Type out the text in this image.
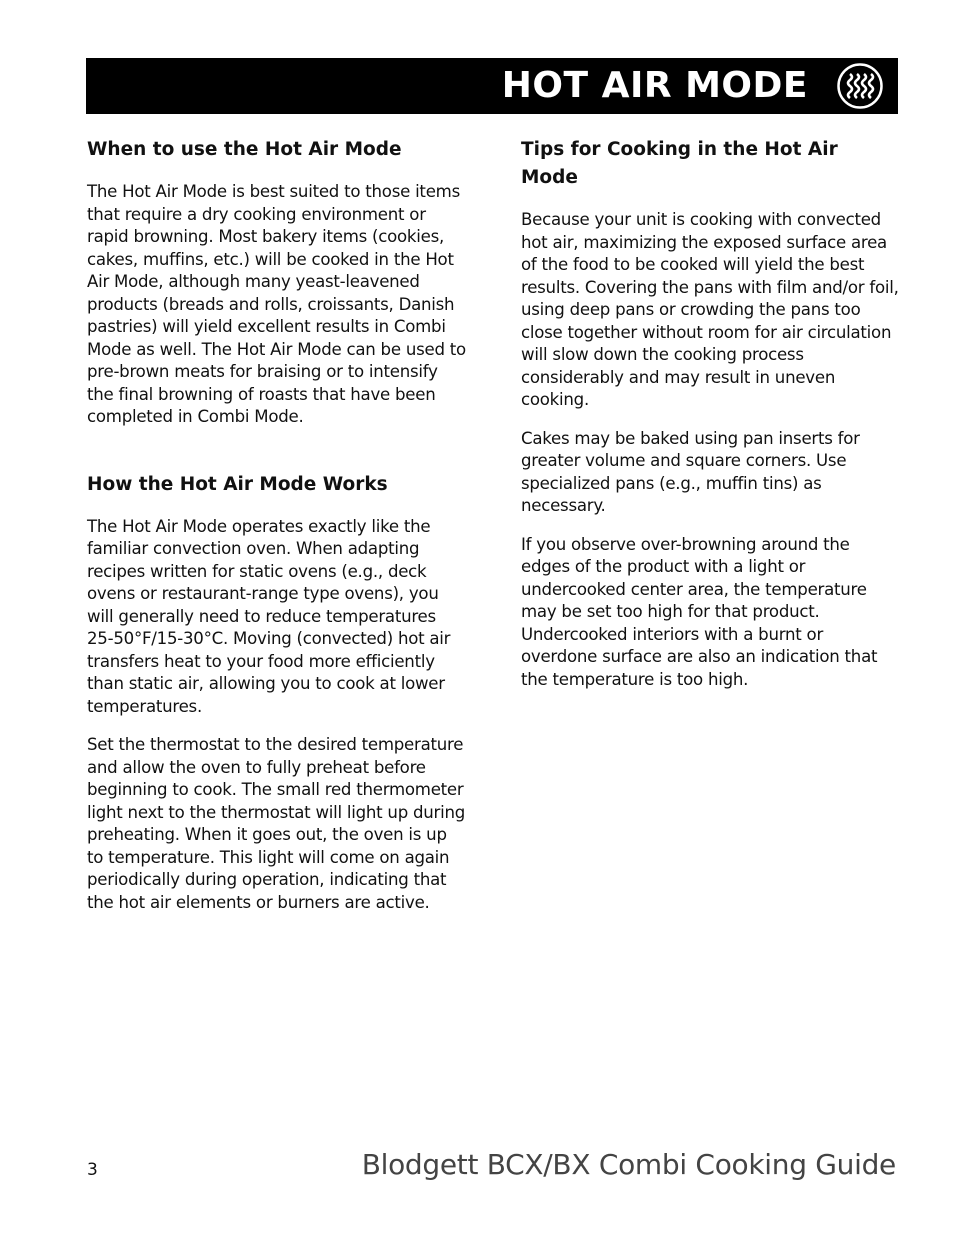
HOT AIR MODE
When to use the Hot Air Mode

The Hot Air Mode is best suited to those items that require a dry cooking environment or rapid browning. Most bakery items (cookies, cakes, muffins, etc.) will be cooked in the Hot Air Mode, although many yeast-leavened products (breads and rolls, croissants, Danish pastries) will yield excellent results in Combi Mode as well. The Hot Air Mode can be used to pre-brown meats for braising or to intensify the final browning of roasts that have been completed in Combi Mode.

How the Hot Air Mode Works

The Hot Air Mode operates exactly like the familiar convection oven. When adapting recipes written for static ovens (e.g., deck ovens or restaurant-range type ovens), you will generally need to reduce temperatures 25-50°F/15-30°C. Moving (convected) hot air transfers heat to your food more efficiently than static air, allowing you to cook at lower temperatures.

Set the thermostat to the desired temperature and allow the oven to fully preheat before beginning to cook. The small red thermometer light next to the thermostat will light up during preheating. When it goes out, the oven is up to temperature. This light will come on again periodically during operation, indicating that the hot air elements or burners are active.

Tips for Cooking in the Hot Air Mode

Because your unit is cooking with convected hot air, maximizing the exposed surface area of the food to be cooked will yield the best results. Covering the pans with film and/or foil, using deep pans or crowding the pans too close together without room for air circulation will slow down the cooking process considerably and may result in uneven cooking.

Cakes may be baked using pan inserts for greater volume and square corners. Use specialized pans (e.g., muffin tins) as necessary.

If you observe over-browning around the edges of the product with a light or undercooked center area, the temperature may be set too high for that product. Undercooked interiors with a burnt or overdone surface are also an indication that the temperature is too high.

3	Blodgett BCX/BX Combi Cooking Guide
